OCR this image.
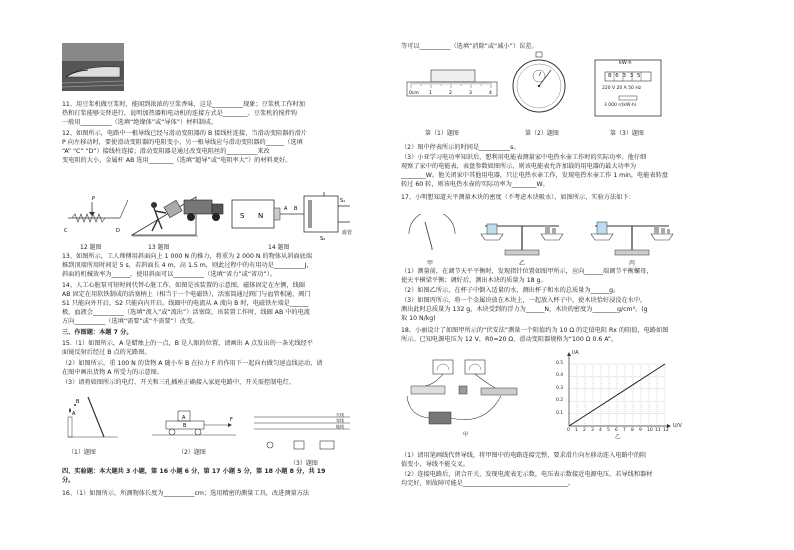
11、用豆浆机做豆浆时，能闻到浓浓的豆浆香味，这是__________现象；豆浆机工作时加
热和打浆能够交替进行，说明加热器和电动机的连接方式是________。豆浆机的搅拌钩
一般用__________（选填“绝缘体”或“导体”）材料制成。
12、如图所示，电路中一根导线已经与滑动变阻器的 B 接线柱连接，当滑动变阻器的滑片
P 向左移动时，要使滑动变阻器的电阻变小，另一根导线应与滑动变阻器的______（选填
“A” “C” “D”）接线柱连接；滑动变阻器是通过改变电阻丝的__________来改
变电阻的大小，金属杆 AB 选用________（选填“超导”或“电阻率大”）的材料更好。
C	D
P
S N
S₂
S₁
血管
A B
12 题图	13 题图	14 题图
13、如图所示，工人师傅用斜面向上 1 000 N 的推力，将重为 2 000 N 的物体从斜面底端
推到顶端所用时间是 5 s，若斜面长 4 m，高 1.5 m，则此过程中的有用功是__________J，
斜面的机械效率为______，使用斜面可以__________（选填“省力”或“省功”）。
14、人工心脏泵可短时间代替心脏工作，如图是该装置的示意图，磁体固定在左侧，线圈
AB 固定在用软铁制成的活塞柄上（相当于一个电磁铁），活塞筒通过阀门与血管相通，阀门
S1 只能向外开启，S2 只能向内开启。线圈中的电流从 A 流向 B 时，电磁铁左端是______
极，血液会__________（选填“流入”或“流出”）活塞筒，该装置工作时，线圈 AB 中的电流
方向__________（选填“需要”或“不需要”）改变。
三、作图题：本题 7 分。
15.（1）如图所示，A 是蜡烛上的一点，B 是人眼的位置，请画出 A 点发出的一条光线经平
面镜反射后经过 B 点的光路图。
（2）如图所示，重 100 N 的货物 A 随小车 B 在拉力 F 的作用下一起向右做匀速直线运动，请
在图中画出货物 A 所受力的示意图。
（3）请将如图所示的电灯、开关和三孔插座正确接入家庭电路中，开关需控制电灯。
A
B
A
B
F
火线
零线
地线
（1）题图	（2）题图
（3）题图
四、实验题：本大题共 3 小题，第 16 小题 6 分，第 17 小题 5 分，第 18 小题 8 分，共 19
分。
16、（1）如图所示，所测物体长度为__________cm；选用精密的测量工具，改进测量方法
等可以__________（选填“消除”或“减小”）误差。
0cm 1	2	3	4
kW·h
8 6 3 3 5
220 V 20 A 50 Hz
3 000 r/(kW·h)
第（1）题图	第（2）题图	第（3）题图
（2）图中停表所示的时间是__________s。
（3）小亚学习电功率知识后，想利用电能表测量家中电热水壶工作时的实际功率。他仔细
观察了家中的电能表，表盘参数如图所示，则该电能表允许加载的用电器的最大功率为
________W。他关闭家中其他用电器，只让电热水壶工作，发现电热水壶工作 1 min，电能表转盘
转过 60 转，则该电热水壶的实际功率为________W。
17、小明想知道天平测量木块的密度（不考虑木块吸水），如图所示，实验方法如下：
甲	乙	丙
（1）测量前，在调节天平平衡时，发现指针位置如图甲所示，应向______端调节平衡螺母，
使天平横梁平衡；调好后，测出木块的质量为 18 g。
（2）如图乙所示，在杯子中倒入适量的水，测出杯子和水的总质量为______g。
（3）如图丙所示，将一个金属块放在木块上，一起放入杯子中，使木块恰好浸没在水中，
测出此时总质量为 132 g，木块受到的浮力为______N，木块的密度为________g/cm³。(g
取 10 N/kg)
18、小丽设计了如图甲所示的“伏安法”测量一个阻值约为 10 Ω 的定值电阻 Rx 的阻值，电路如图
所示。已知电源电压为 12 V，R0=20 Ω，滑动变阻器规格为“100 Ω 0.6 A”。
甲	乙
I/A
U/V
（1）请用笔画线代替导线，将甲图中的电路连接完整，要求滑片向左移动连入电路中的阻
值变小，导线不能交叉。
（2）连接电路后，闭合开关，发现电流表无示数，电压表示数接近电源电压，若导线和器材
均完好，则故障可能是__________________________________。
0 1 2 3 4 5 6 7 8 9 10 11 12
0.5
0.4
0.3
0.2
0.1
